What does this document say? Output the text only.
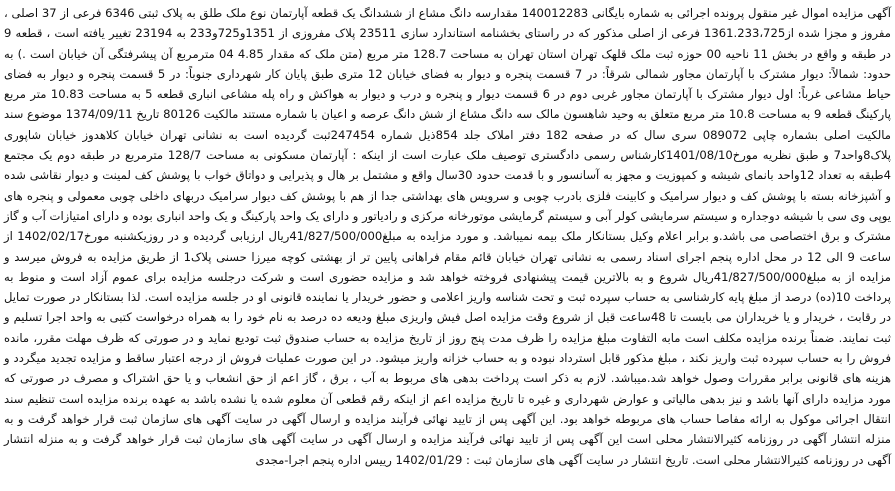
آگهی مزایده اموال غیر منقول پرونده اجرائی به شماره بایگانی 140012283 مقدارسه دانگ مشاع از ششدانگ یک قطعه آپارتمان نوع ملک طلق به پلاک ثبتی 6346 فرعی از 37 اصلی ، مفروز و مجزا شده از1361.233،725 فرعی از اصلی مذکور که در راستای بخشنامه استاندارد سازی 23511 پلاک مفروزی از 1351و725و233 به 23194 تغییر یافته است ، قطعه 9 در طبقه و واقع در بخش 11 ناحیه 00 حوزه ثبت ملک قلهک تهران استان تهران به مساحت 128.7 متر مربع (متن ملک که مقدار 4.85 04 مترمربع آن پیشرفتگی آن خیابان است .) به حدود: شمالاً: دیوار مشترک با آپارتمان مجاور شمالی شرقاً: در 7 قسمت پنجره و دیوار به فضای خیابان 12 متری طبق پایان کار شهرداری جنوباً: در 5 قسمت پنجره و دیوار به فضای حیاط مشاعی غرباً: اول دیوار مشترک با آپارتمان مجاور غربی دوم در 6 قسمت دیوار و پنجره و درب و دیوار به هواکش و راه پله مشاعی انباری قطعه 5 به مساحت 10.83 متر مربع پارکینگ قطعه 9 به مساحت 10.8 متر مربع متعلق به وحید شاهسون مالک سه دانگ مشاع از شش دانگ عرصه و اعیان با شماره مستند مالکیت 80126 تاریخ 1374/09/11 موضوع سند مالکیت اصلی بشماره چاپی 089072 سری سال که در صفحه 182 دفتر املاک جلد 854ذیل شماره 247454ثبت گردیده است به نشانی تهران خیابان کلاهدوز خیابان شاپوری پلاک8واحد7 و طبق نظریه مورخ1401/08/10کارشناس رسمی دادگستری توصیف ملک عبارت است از اینکه : آپارتمان مسکونی به مساحت 128/7 مترمربع در طبقه دوم یک مجتمع 4طبقه به تعداد 12واحد بانمای شیشه و کمپوزیت و مجهز به آسانسور و با قدمت حدود 30سال واقع و مشتمل بر هال و پذیرایی و دواتاق خواب با پوشش کف لمینت و دیوار نقاشی شده و آشپزخانه بسته با پوشش کف و دیوار سرامیک و کابینت فلزی بادرب چوبی و سرویس های بهداشتی جدا از هم با پوشش کف دیوار سرامیک دربهای داخلی چوبی معمولی و پنجره های یوپی وی سی با شیشه دوجداره و سیستم سرمایشی کولر آبی و سیستم گرمایشی موتورخانه مرکزی و رادیاتور و دارای یک واحد پارکینگ و یک واحد انباری بوده و دارای امتیازات آب و گاز مشترک و برق اختصاصی می باشد.و برابر اعلام وکیل بستانکار ملک بیمه نمیباشد. و مورد مزایده به مبلغ41/827/500/000ریال ارزیابی گردیده و در روزیکشنبه مورخ1402/02/17 از ساعت 9 الی 12 در محل اداره پنجم اجرای اسناد رسمی به نشانی تهران خیابان قائم مقام فراهانی پایین تر از بهشتی کوچه میرزا حسنی پلاک1 از طریق مزایده به فروش میرسد و مزایده از به مبلغ41/827/500/000ریال شروع و به بالاترین قیمت پیشنهادی فروخته خواهد شد و مزایده حضوری است و شرکت درجلسه مزایده برای عموم آزاد است و منوط به پرداخت 10(ده) درصد از مبلغ پایه کارشناسی به حساب سپرده ثبت و تحت شناسه واریز اعلامی و حضور خریدار یا نماینده قانونی او در جلسه مزایده است. لذا بستانکار در صورت تمایل در رقابت ، خریدار و یا خریداران می بایست تا 48ساعت قبل از شروع وقت مزایده اصل فیش واریزی مبلغ ودیعه ده درصد به نام خود را به همراه درخواست کتبی به واحد اجرا تسلیم و ثبت نمایند. ضمناً برنده مزایده مکلف است مابه التفاوت مبلغ مزایده را ظرف مدت پنج روز از تاریخ مزایده به حساب صندوق ثبت تودیع نماید و در صورتی که ظرف مهلت مقرر، مانده فروش را به حساب سپرده ثبت واریز نکند ، مبلغ مذکور قابل استرداد نبوده و به حساب خزانه واریز میشود. در این صورت عملیات فروش از درجه اعتبار ساقط و مزایده تجدید میگردد و هزینه های قانونی برابر مقررات وصول خواهد شد.میباشد. لازم به ذکر است پرداخت بدهی های مربوط به آب ، برق ، گاز اعم از حق انشعاب و یا حق اشتراک و مصرف در صورتی که مورد مزایده دارای آنها باشد و نیز بدهی مالیاتی و عوارض شهرداری و غیره تا تاریخ مزایده اعم از اینکه رقم قطعی آن معلوم شده یا نشده باشد به عهده برنده مزایده است تنظیم سند انتقال اجرائی موکول به ارائه مفاصا حساب های مربوطه خواهد بود. این آگهی پس از تایید نهائی فرآیند مزایده و ارسال آگهی در سایت آگهی های سازمان ثبت قرار خواهد گرفت و به منزله انتشار آگهی در روزنامه کثیرالانتشار محلی است این آگهی پس از تایید نهائی فرآیند مزایده و ارسال آگهی در سایت آگهی های سازمان ثبت قرار خواهد گرفت و به منزله انتشار آگهی در روزنامه کثیرالانتشار محلی است. تاریخ انتشار در سایت آگهی های سازمان ثبت : 1402/01/29 رییس اداره پنجم اجرا-مجدی
